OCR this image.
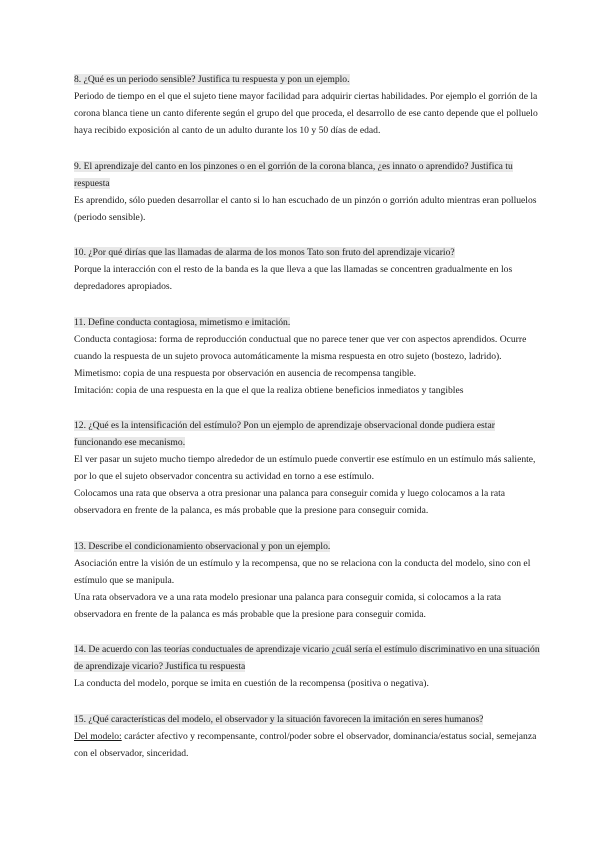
8. ¿Qué es un periodo sensible? Justifica tu respuesta y pon un ejemplo.

Periodo de tiempo en el que el sujeto tiene mayor facilidad para adquirir ciertas habilidades. Por ejemplo el gorrión de la corona blanca tiene un canto diferente según el grupo del que proceda, el desarrollo de ese canto depende que el polluelo haya recibido exposición al canto de un adulto durante los 10 y 50 días de edad.

9. El aprendizaje del canto en los pinzones o en el gorrión de la corona blanca, ¿es innato o aprendido? Justifica tu respuesta

Es aprendido, sólo pueden desarrollar el canto si lo han escuchado de un pinzón o gorrión adulto mientras eran polluelos (periodo sensible).

10. ¿Por qué dirías que las llamadas de alarma de los monos Tato son fruto del aprendizaje vicario?

Porque la interacción con el resto de la banda es la que lleva a que las llamadas se concentren gradualmente en los depredadores apropiados.

11. Define conducta contagiosa, mimetismo e imitación.

Conducta contagiosa: forma de reproducción conductual que no parece tener que ver con aspectos aprendidos. Ocurre cuando la respuesta de un sujeto provoca automáticamente la misma respuesta en otro sujeto (bostezo, ladrido).

Mimetismo: copia de una respuesta por observación en ausencia de recompensa tangible.

Imitación: copia de una respuesta en la que el que la realiza obtiene beneficios inmediatos y tangibles

12. ¿Qué es la intensificación del estímulo? Pon un ejemplo de aprendizaje observacional donde pudiera estar funcionando ese mecanismo.

El ver pasar un sujeto mucho tiempo alrededor de un estímulo puede convertir ese estímulo en un estímulo más saliente, por lo que el sujeto observador concentra su actividad en torno a ese estímulo.

Colocamos una rata que observa a otra presionar una palanca para conseguir comida y luego colocamos a la rata observadora en frente de la palanca, es más probable que la presione para conseguir comida.

13. Describe el condicionamiento observacional y pon un ejemplo.

Asociación entre la visión de un estímulo y la recompensa, que no se relaciona con la conducta del modelo, sino con el estímulo que se manipula.

Una rata observadora ve a una rata modelo presionar una palanca para conseguir comida, si colocamos a la rata observadora en frente de la palanca es más probable que la presione para conseguir comida.

14. De acuerdo con las teorías conductuales de aprendizaje vicario ¿cuál sería el estímulo discriminativo en una situación de aprendizaje vicario? Justifica tu respuesta

La conducta del modelo, porque se imita en cuestión de la recompensa (positiva o negativa).

15. ¿Qué características del modelo, el observador y la situación favorecen la imitación en seres humanos?

Del modelo: carácter afectivo y recompensante, control/poder sobre el observador, dominancia/estatus social, semejanza con el observador, sinceridad.
